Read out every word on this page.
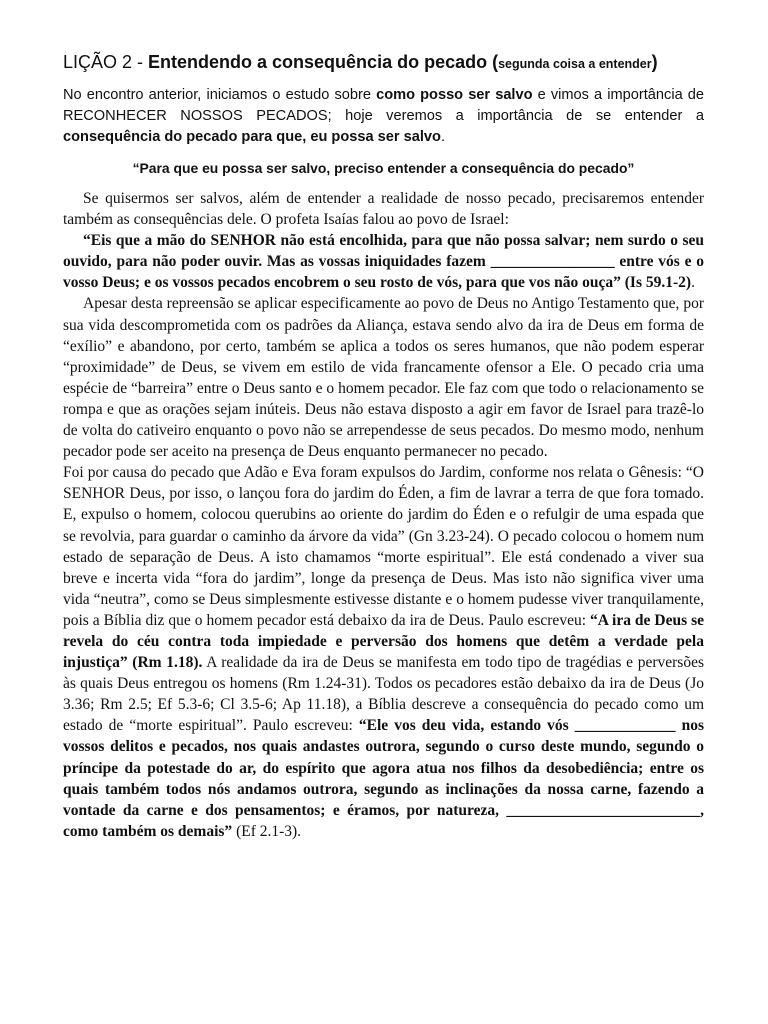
LIÇÃO 2 - Entendendo a consequência do pecado (segunda coisa a entender)

No encontro anterior, iniciamos o estudo sobre como posso ser salvo e vimos a importância de RECONHECER NOSSOS PECADOS; hoje veremos a importância de se entender a consequência do pecado para que, eu possa ser salvo.

“Para que eu possa ser salvo, preciso entender a consequência do pecado”

Se quisermos ser salvos, além de entender a realidade de nosso pecado, precisaremos entender também as consequências dele. O profeta Isaías falou ao povo de Israel:

“Eis que a mão do SENHOR não está encolhida, para que não possa salvar; nem surdo o seu ouvido, para não poder ouvir. Mas as vossas iniquidades fazem ________________ entre vós e o vosso Deus; e os vossos pecados encobrem o seu rosto de vós, para que vos não ouça” (Is 59.1-2).

Apesar desta repreensão se aplicar especificamente ao povo de Deus no Antigo Testamento que, por sua vida descomprometida com os padrões da Aliança, estava sendo alvo da ira de Deus em forma de “exílio” e abandono, por certo, também se aplica a todos os seres humanos, que não podem esperar “proximidade” de Deus, se vivem em estilo de vida francamente ofensor a Ele. O pecado cria uma espécie de “barreira” entre o Deus santo e o homem pecador. Ele faz com que todo o relacionamento se rompa e que as orações sejam inúteis. Deus não estava disposto a agir em favor de Israel para trazê-lo de volta do cativeiro enquanto o povo não se arrependesse de seus pecados. Do mesmo modo, nenhum pecador pode ser aceito na presença de Deus enquanto permanecer no pecado.

Foi por causa do pecado que Adão e Eva foram expulsos do Jardim, conforme nos relata o Gênesis: “O SENHOR Deus, por isso, o lançou fora do jardim do Éden, a fim de lavrar a terra de que fora tomado. E, expulso o homem, colocou querubins ao oriente do jardim do Éden e o refulgir de uma espada que se revolvia, para guardar o caminho da árvore da vida” (Gn 3.23-24). O pecado colocou o homem num estado de separação de Deus. A isto chamamos “morte espiritual”. Ele está condenado a viver sua breve e incerta vida “fora do jardim”, longe da presença de Deus. Mas isto não significa viver uma vida “neutra”, como se Deus simplesmente estivesse distante e o homem pudesse viver tranquilamente, pois a Bíblia diz que o homem pecador está debaixo da ira de Deus. Paulo escreveu: “A ira de Deus se revela do céu contra toda impiedade e perversão dos homens que detêm a verdade pela injustiça” (Rm 1.18). A realidade da ira de Deus se manifesta em todo tipo de tragédias e perversões às quais Deus entregou os homens (Rm 1.24-31). Todos os pecadores estão debaixo da ira de Deus (Jo 3.36; Rm 2.5; Ef 5.3-6; Cl 3.5-6; Ap 11.18), a Bíblia descreve a consequência do pecado como um estado de “morte espiritual”. Paulo escreveu: “Ele vos deu vida, estando vós _____________ nos vossos delitos e pecados, nos quais andastes outrora, segundo o curso deste mundo, segundo o príncipe da potestade do ar, do espírito que agora atua nos filhos da desobediência; entre os quais também todos nós andamos outrora, segundo as inclinações da nossa carne, fazendo a vontade da carne e dos pensamentos; e éramos, por natureza, _________________________, como também os demais” (Ef 2.1-3).
